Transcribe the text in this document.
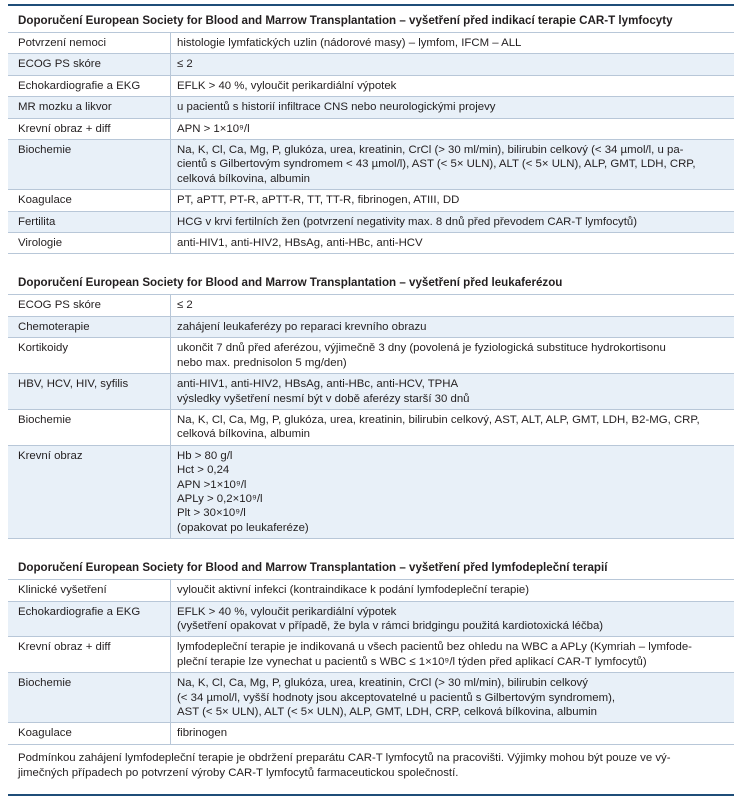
Doporučení European Society for Blood and Marrow Transplantation – vyšetření před indikací terapie CAR-T lymfocyty
Potvrzení nemoci	histologie lymfatických uzlin (nádorové masy) – lymfom, IFCM – ALL
ECOG PS skóre	≤ 2
Echokardiografie a EKG	EFLK > 40 %, vyloučit perikardiální výpotek
MR mozku a likvor	u pacientů s historií infiltrace CNS nebo neurologickými projevy
Krevní obraz + diff	APN > 1×10⁹/l
Biochemie	Na, K, Cl, Ca, Mg, P, glukóza, urea, kreatinin, CrCl (> 30 ml/min), bilirubin celkový (< 34 µmol/l, u pa-
cientů s Gilbertovým syndromem < 43 µmol/l), AST (< 5× ULN), ALT (< 5× ULN), ALP, GMT, LDH, CRP,
celková bílkovina, albumin
Koagulace	PT, aPTT, PT-R, aPTT-R, TT, TT-R, fibrinogen, ATIII, DD
Fertilita	HCG v krvi fertilních žen (potvrzení negativity max. 8 dnů před převodem CAR-T lymfocytů)
Virologie	anti-HIV1, anti-HIV2, HBsAg, anti-HBc, anti-HCV
Doporučení European Society for Blood and Marrow Transplantation – vyšetření před leukaferézou
ECOG PS skóre	≤ 2
Chemoterapie	zahájení leukaferézy po reparaci krevního obrazu
Kortikoidy	ukončit 7 dnů před aferézou, výjimečně 3 dny (povolená je fyziologická substituce hydrokortisonu
nebo max. prednisolon 5 mg/den)
HBV, HCV, HIV, syfilis	anti-HIV1, anti-HIV2, HBsAg, anti-HBc, anti-HCV, TPHA
výsledky vyšetření nesmí být v době aferézy starší 30 dnů
Biochemie	Na, K, Cl, Ca, Mg, P, glukóza, urea, kreatinin, bilirubin celkový, AST, ALT, ALP, GMT, LDH, B2-MG, CRP,
celková bílkovina, albumin
Krevní obraz	Hb > 80 g/l
Hct > 0,24
APN >1×10⁹/l
APLy > 0,2×10⁹/l
Plt > 30×10⁹/l
(opakovat po leukaferéze)
Doporučení European Society for Blood and Marrow Transplantation – vyšetření před lymfodepleční terapií
Klinické vyšetření	vyloučit aktivní infekci (kontraindikace k podání lymfodepleční terapie)
Echokardiografie a EKG	EFLK > 40 %, vyloučit perikardiální výpotek
(vyšetření opakovat v případě, že byla v rámci bridgingu použitá kardiotoxická léčba)
Krevní obraz + diff	lymfodepleční terapie je indikovaná u všech pacientů bez ohledu na WBC a APLy (Kymriah – lymfode-
pleční terapie lze vynechat u pacientů s WBC ≤ 1×10⁹/l týden před aplikací CAR-T lymfocytů)
Biochemie	Na, K, Cl, Ca, Mg, P, glukóza, urea, kreatinin, CrCl (> 30 ml/min), bilirubin celkový
(< 34 µmol/l, vyšší hodnoty jsou akceptovatelné u pacientů s Gilbertovým syndromem),
AST (< 5× ULN), ALT (< 5× ULN), ALP, GMT, LDH, CRP, celková bílkovina, albumin
Koagulace	fibrinogen
Podmínkou zahájení lymfodepleční terapie je obdržení preparátu CAR-T lymfocytů na pracovišti. Výjimky mohou být pouze ve vý-
jimečných případech po potvrzení výroby CAR-T lymfocytů farmaceutickou společností.
